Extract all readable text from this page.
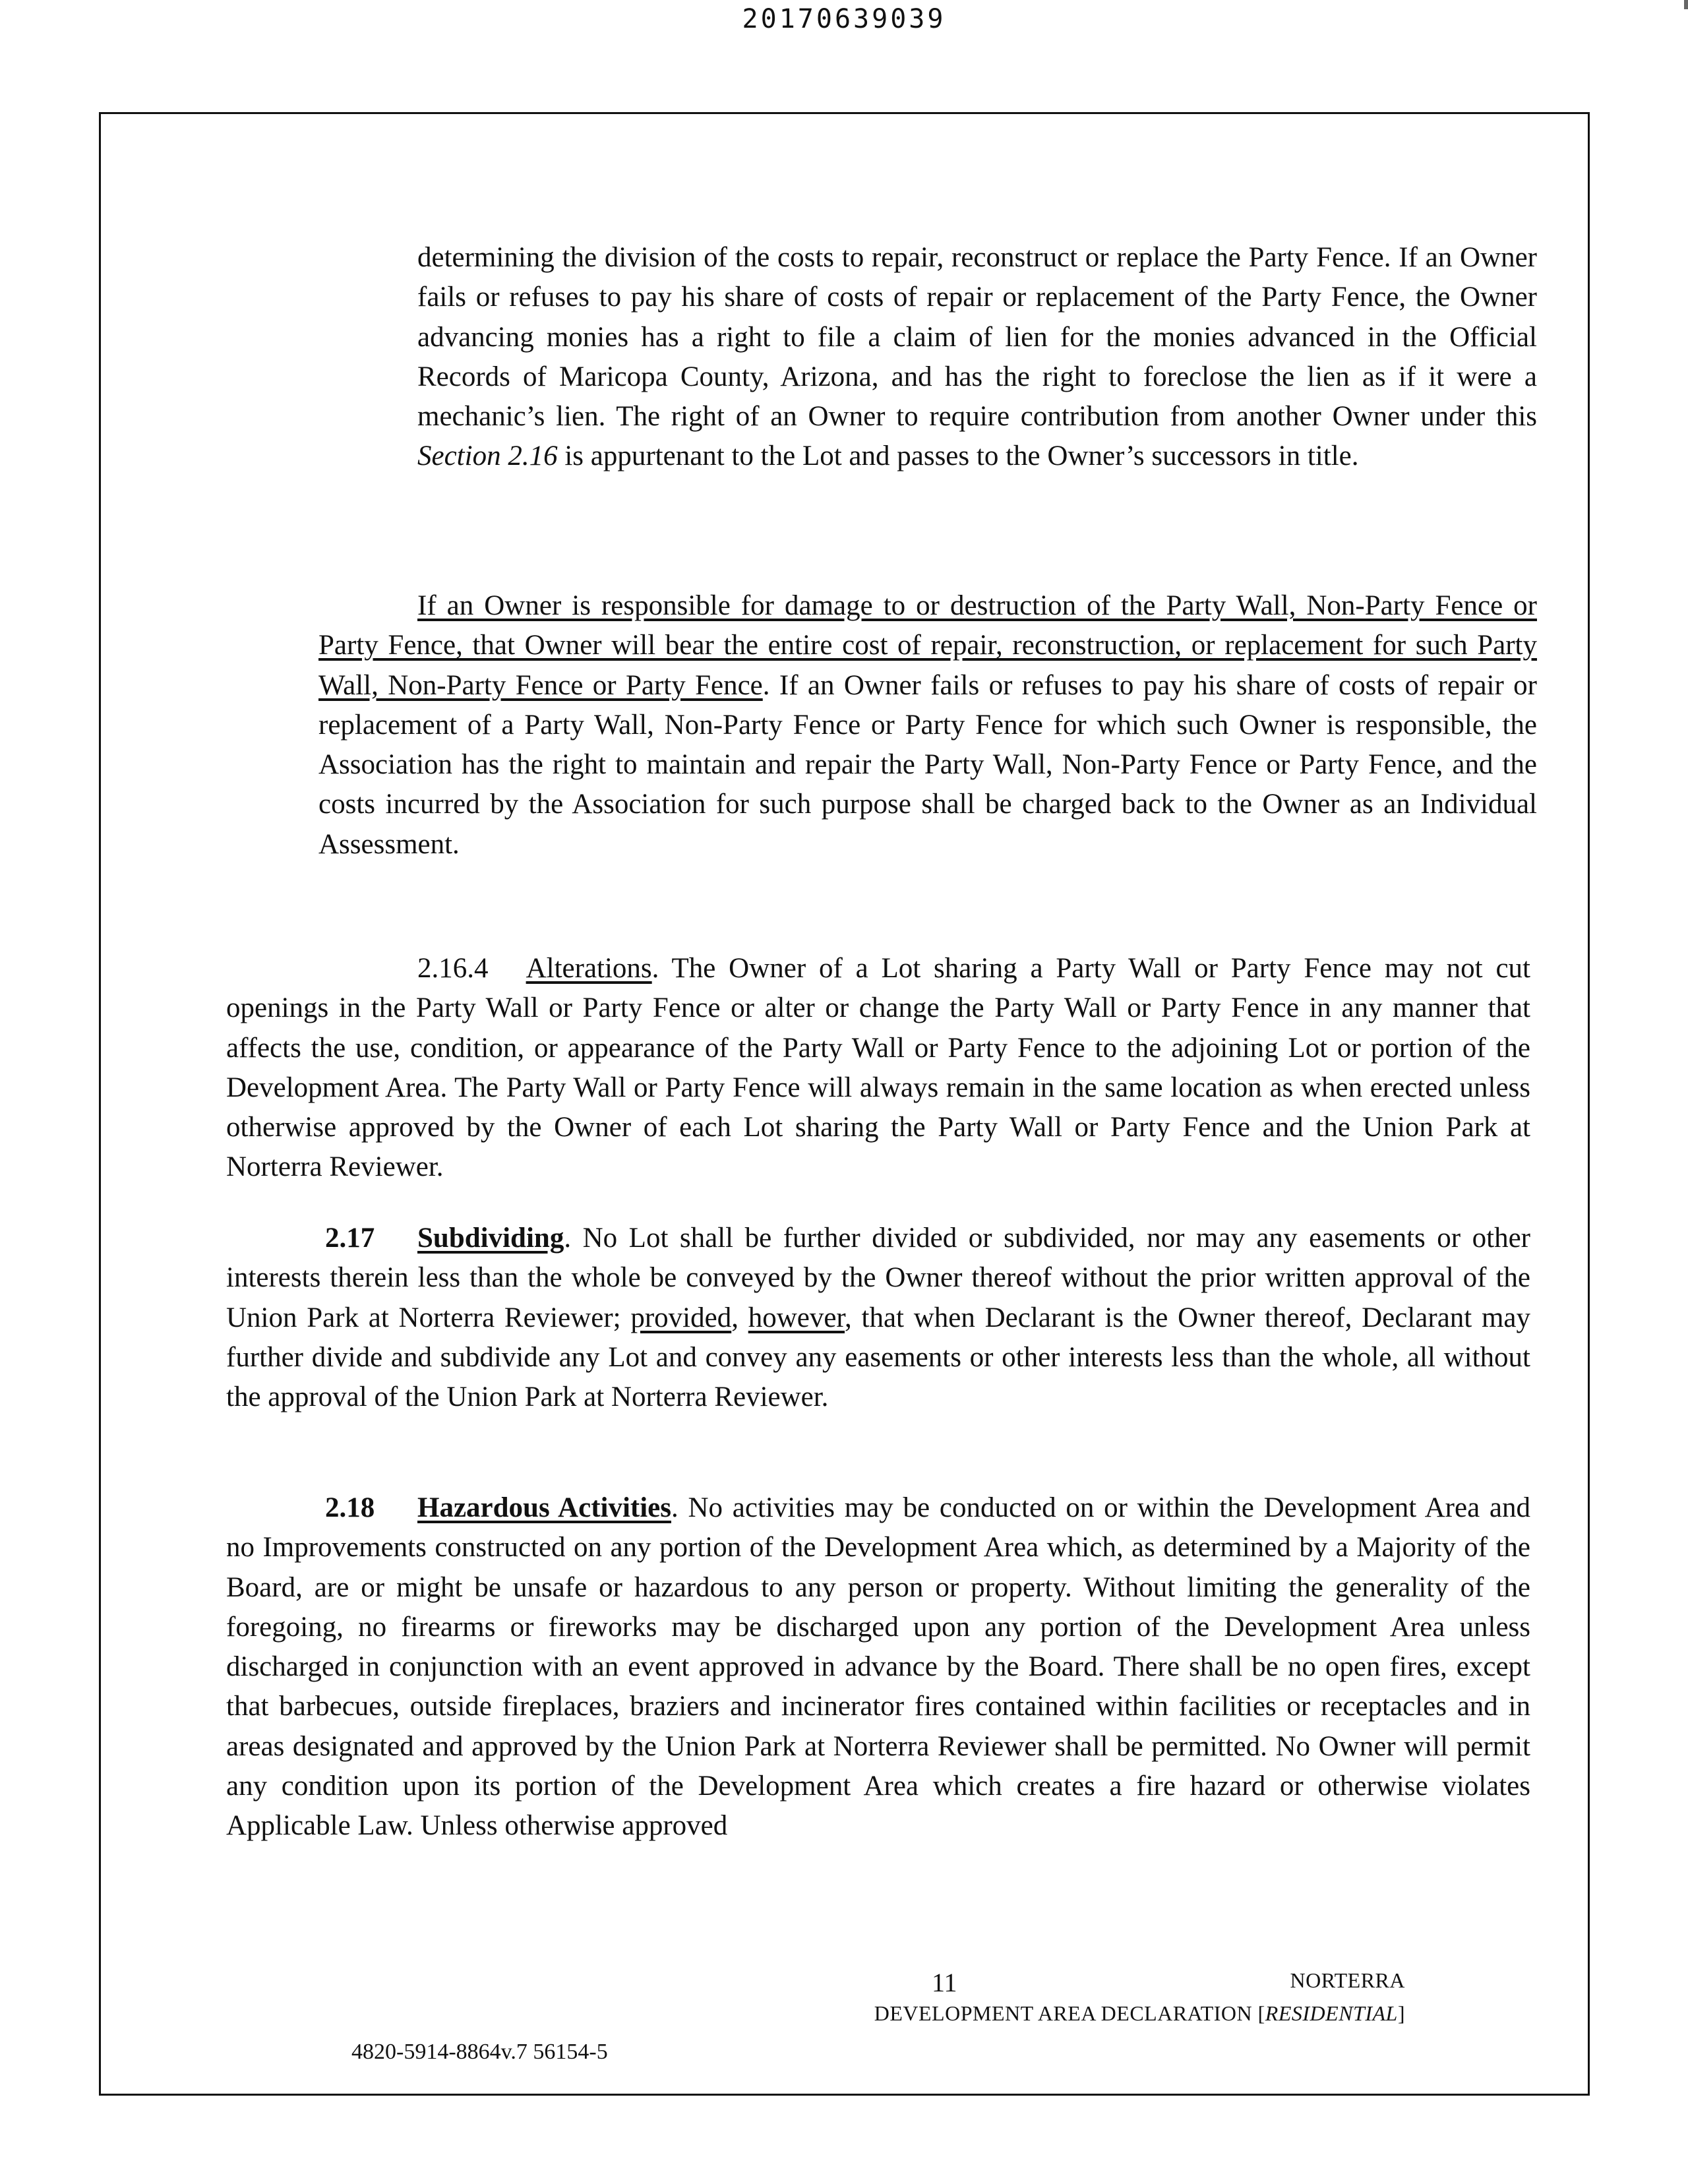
20170639039

determining the division of the costs to repair, reconstruct or replace the Party Fence. If an Owner fails or refuses to pay his share of costs of repair or replacement of the Party Fence, the Owner advancing monies has a right to file a claim of lien for the monies advanced in the Official Records of Maricopa County, Arizona, and has the right to foreclose the lien as if it were a mechanic’s lien. The right of an Owner to require contribution from another Owner under this Section 2.16 is appurtenant to the Lot and passes to the Owner’s successors in title.

If an Owner is responsible for damage to or destruction of the Party Wall, Non-Party Fence or Party Fence, that Owner will bear the entire cost of repair, reconstruction, or replacement for such Party Wall, Non-Party Fence or Party Fence. If an Owner fails or refuses to pay his share of costs of repair or replacement of a Party Wall, Non-Party Fence or Party Fence for which such Owner is responsible, the Association has the right to maintain and repair the Party Wall, Non-Party Fence or Party Fence, and the costs incurred by the Association for such purpose shall be charged back to the Owner as an Individual Assessment.

2.16.4 Alterations. The Owner of a Lot sharing a Party Wall or Party Fence may not cut openings in the Party Wall or Party Fence or alter or change the Party Wall or Party Fence in any manner that affects the use, condition, or appearance of the Party Wall or Party Fence to the adjoining Lot or portion of the Development Area. The Party Wall or Party Fence will always remain in the same location as when erected unless otherwise approved by the Owner of each Lot sharing the Party Wall or Party Fence and the Union Park at Norterra Reviewer.

2.17 Subdividing. No Lot shall be further divided or subdivided, nor may any easements or other interests therein less than the whole be conveyed by the Owner thereof without the prior written approval of the Union Park at Norterra Reviewer; provided, however, that when Declarant is the Owner thereof, Declarant may further divide and subdivide any Lot and convey any easements or other interests less than the whole, all without the approval of the Union Park at Norterra Reviewer.

2.18 Hazardous Activities. No activities may be conducted on or within the Development Area and no Improvements constructed on any portion of the Development Area which, as determined by a Majority of the Board, are or might be unsafe or hazardous to any person or property. Without limiting the generality of the foregoing, no firearms or fireworks may be discharged upon any portion of the Development Area unless discharged in conjunction with an event approved in advance by the Board. There shall be no open fires, except that barbecues, outside fireplaces, braziers and incinerator fires contained within facilities or receptacles and in areas designated and approved by the Union Park at Norterra Reviewer shall be permitted. No Owner will permit any condition upon its portion of the Development Area which creates a fire hazard or otherwise violates Applicable Law. Unless otherwise approved

11	NORTERRA
DEVELOPMENT AREA DECLARATION [RESIDENTIAL]
4820-5914-8864v.7 56154-5
